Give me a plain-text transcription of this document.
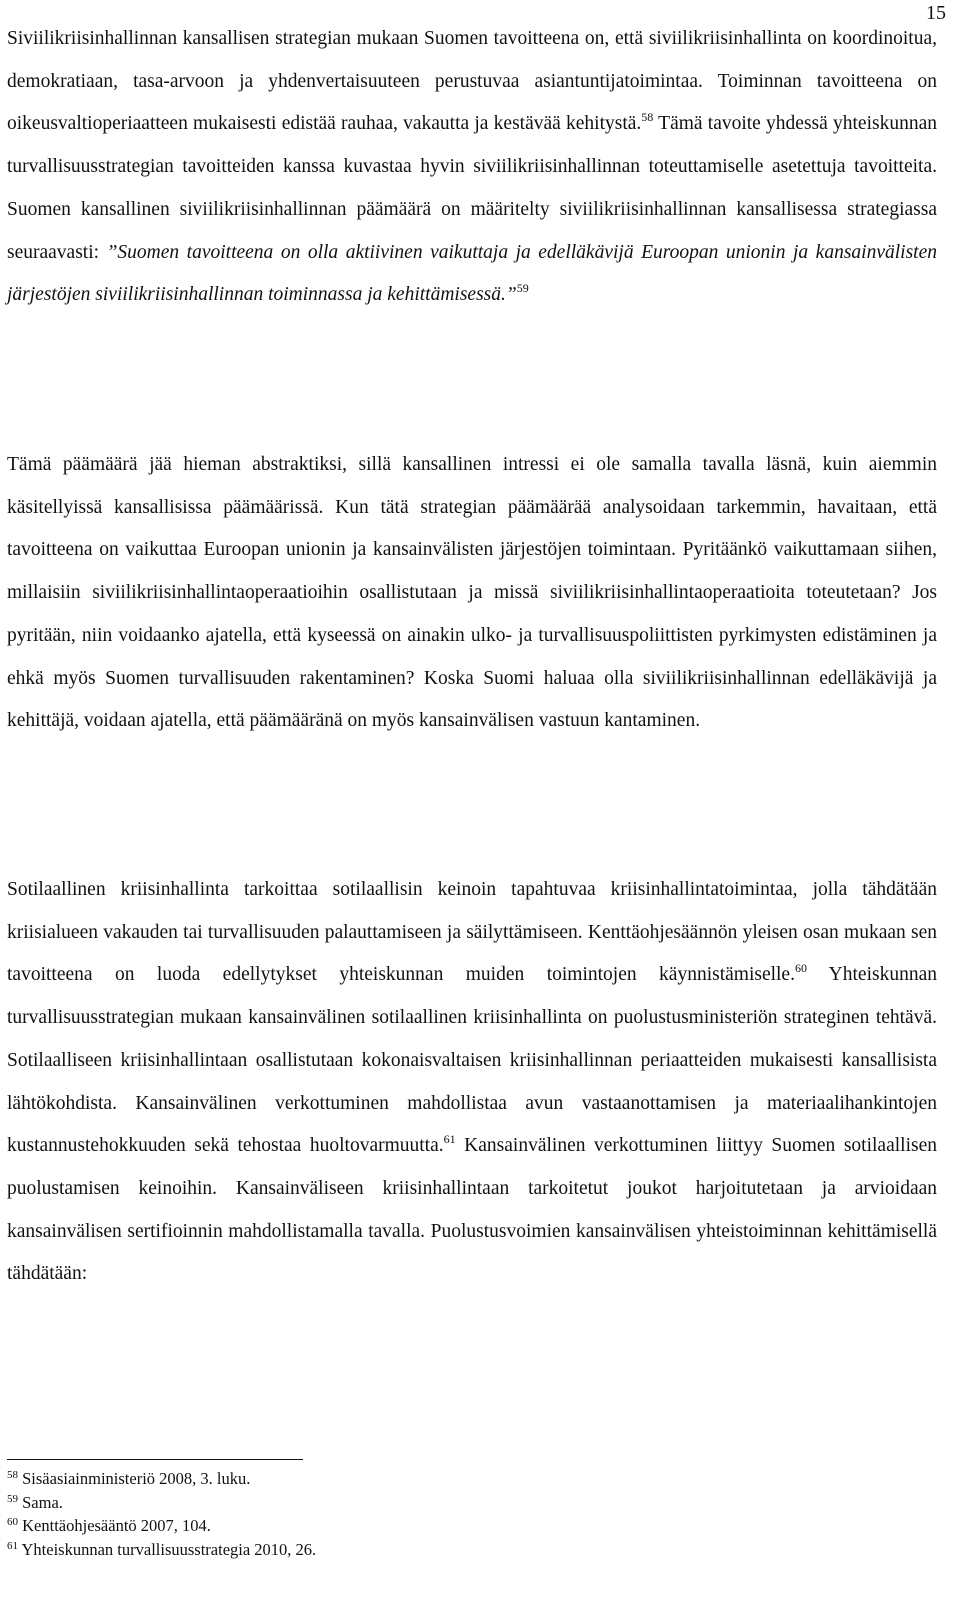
15

Siviilikriisinhallinnan kansallisen strategian mukaan Suomen tavoitteena on, että siviilikriisinhallinta on koordinoitua, demokratiaan, tasa-arvoon ja yhdenvertaisuuteen perustuvaa asiantuntijatoimintaa. Toiminnan tavoitteena on oikeusvaltioperiaatteen mukaisesti edistää rauhaa, vakautta ja kestävää kehitystä.$^{58}$ Tämä tavoite yhdessä yhteiskunnan turvallisuusstrategian tavoitteiden kanssa kuvastaa hyvin siviilikriisinhallinnan toteuttamiselle asetettuja tavoitteita. Suomen kansallinen siviilikriisinhallinnan päämäärä on määritelty siviilikriisinhallinnan kansallisessa strategiassa seuraavasti: ”Suomen tavoitteena on olla aktiivinen vaikuttaja ja edelläkävijä Euroopan unionin ja kansainvälisten järjestöjen siviilikriisinhallinnan toiminnassa ja kehittämisessä.”$^{59}$

Tämä päämäärä jää hieman abstraktiksi, sillä kansallinen intressi ei ole samalla tavalla läsnä, kuin aiemmin käsitellyissä kansallisissa päämäärissä. Kun tätä strategian päämäärää analysoidaan tarkemmin, havaitaan, että tavoitteena on vaikuttaa Euroopan unionin ja kansainvälisten järjestöjen toimintaan. Pyritäänkö vaikuttamaan siihen, millaisiin siviilikriisinhallintaoperaatioihin osallistutaan ja missä siviilikriisinhallintaoperaatioita toteutetaan? Jos pyritään, niin voidaanko ajatella, että kyseessä on ainakin ulko- ja turvallisuuspoliittisten pyrkimysten edistäminen ja ehkä myös Suomen turvallisuuden rakentaminen? Koska Suomi haluaa olla siviilikriisinhallinnan edelläkävijä ja kehittäjä, voidaan ajatella, että päämääränä on myös kansainvälisen vastuun kantaminen.

Sotilaallinen kriisinhallinta tarkoittaa sotilaallisin keinoin tapahtuvaa kriisinhallintatoimintaa, jolla tähdätään kriisialueen vakauden tai turvallisuuden palauttamiseen ja säilyttämiseen. Kenttäohjesäännön yleisen osan mukaan sen tavoitteena on luoda edellytykset yhteiskunnan muiden toimintojen käynnistämiselle.$^{60}$ Yhteiskunnan turvallisuusstrategian mukaan kansainvälinen sotilaallinen kriisinhallinta on puolustusministeriön strateginen tehtävä. Sotilaalliseen kriisinhallintaan osallistutaan kokonaisvaltaisen kriisinhallinnan periaatteiden mukaisesti kansallisista lähtökohdista. Kansainvälinen verkottuminen mahdollistaa avun vastaanottamisen ja materiaalihankintojen kustannustehokkuuden sekä tehostaa huoltovarmuutta.$^{61}$ Kansainvälinen verkottuminen liittyy Suomen sotilaallisen puolustamisen keinoihin. Kansainväliseen kriisinhallintaan tarkoitetut joukot harjoitutetaan ja arvioidaan kansainvälisen sertifioinnin mahdollistamalla tavalla. Puolustusvoimien kansainvälisen yhteistoiminnan kehittämisellä tähdätään:

$^{58}$ Sisäasiainministeriö 2008, 3. luku.
$^{59}$ Sama.
$^{60}$ Kenttäohjesääntö 2007, 104.
$^{61}$ Yhteiskunnan turvallisuusstrategia 2010, 26.
